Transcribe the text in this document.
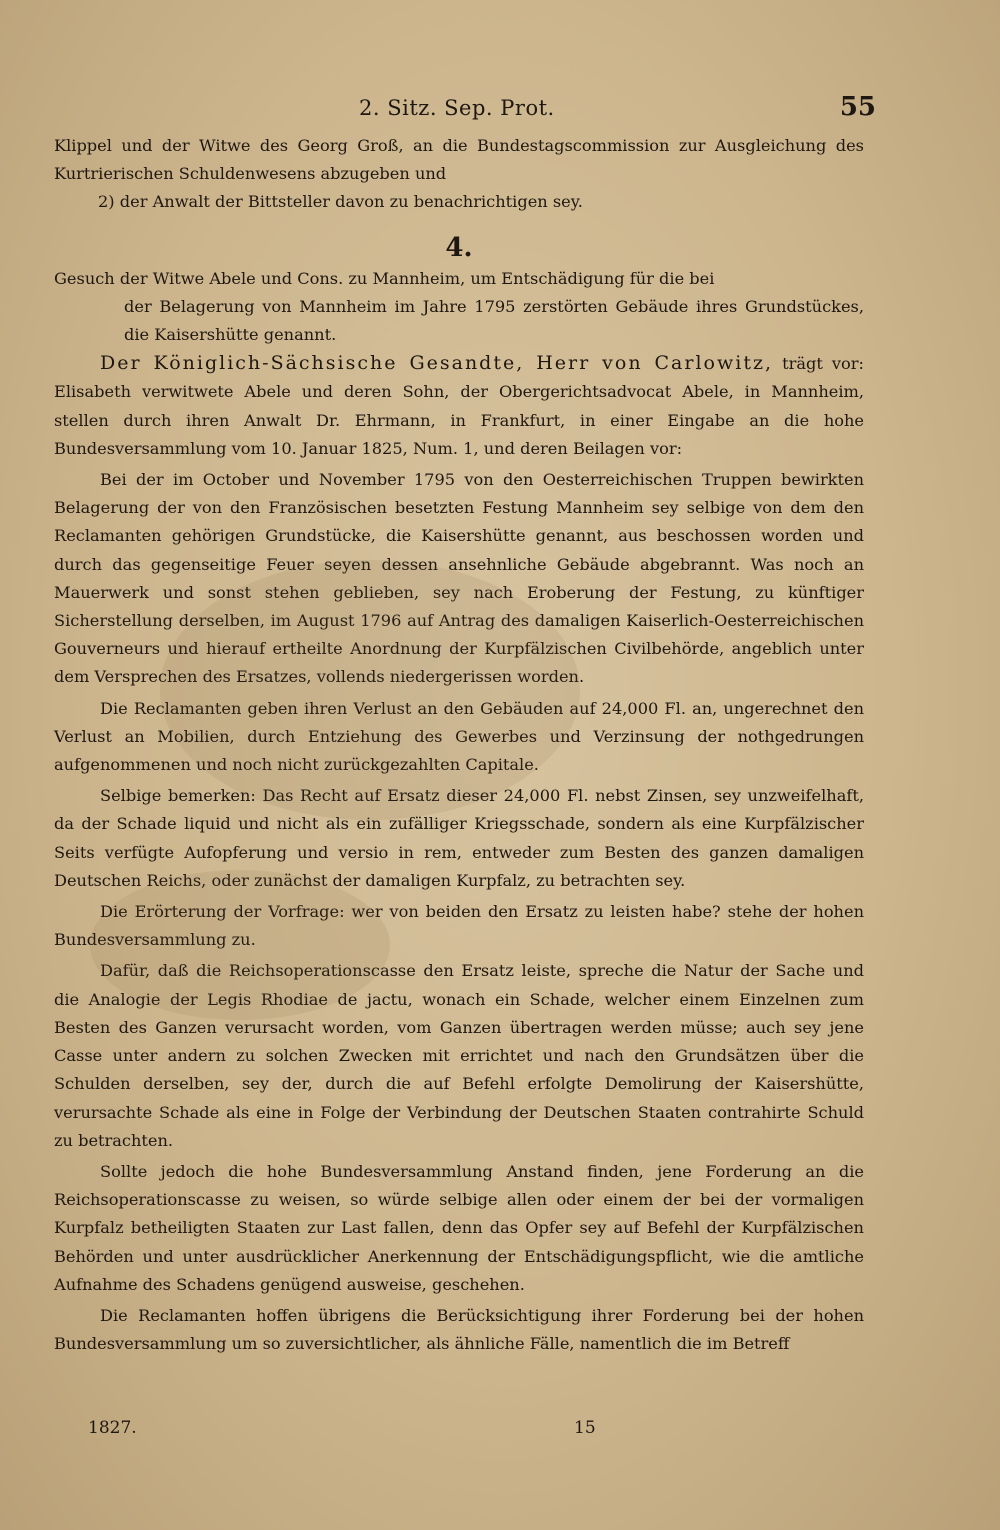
2. Sitz. Sep. Prot.	55

Klippel und der Witwe des Georg Groß, an die Bundestagscommission zur Ausgleichung des Kurtrierischen Schuldenwesens abzugeben und

2) der Anwalt der Bittsteller davon zu benachrichtigen sey.

4.

Gesuch der Witwe Abele und Cons. zu Mannheim, um Entschädigung für die bei
der Belagerung von Mannheim im Jahre 1795 zerstörten Gebäude ihres Grundstückes, die Kaisershütte genannt.

Der Königlich-Sächsische Gesandte, Herr von Carlowitz, trägt vor: Elisabeth verwitwete Abele und deren Sohn, der Obergerichtsadvocat Abele, in Mannheim, stellen durch ihren Anwalt Dr. Ehrmann, in Frankfurt, in einer Eingabe an die hohe Bundesversammlung vom 10. Januar 1825, Num. 1, und deren Beilagen vor:

Bei der im October und November 1795 von den Oesterreichischen Truppen bewirkten Belagerung der von den Französischen besetzten Festung Mannheim sey selbige von dem den Reclamanten gehörigen Grundstücke, die Kaisershütte genannt, aus beschossen worden und durch das gegenseitige Feuer seyen dessen ansehnliche Gebäude abgebrannt. Was noch an Mauerwerk und sonst stehen geblieben, sey nach Eroberung der Festung, zu künftiger Sicherstellung derselben, im August 1796 auf Antrag des damaligen Kaiserlich-Oesterreichischen Gouverneurs und hierauf ertheilte Anordnung der Kurpfälzischen Civilbehörde, angeblich unter dem Versprechen des Ersatzes, vollends niedergerissen worden.

Die Reclamanten geben ihren Verlust an den Gebäuden auf 24,000 Fl. an, ungerechnet den Verlust an Mobilien, durch Entziehung des Gewerbes und Verzinsung der nothgedrungen aufgenommenen und noch nicht zurückgezahlten Capitale.

Selbige bemerken: Das Recht auf Ersatz dieser 24,000 Fl. nebst Zinsen, sey unzweifelhaft, da der Schade liquid und nicht als ein zufälliger Kriegsschade, sondern als eine Kurpfälzischer Seits verfügte Aufopferung und versio in rem, entweder zum Besten des ganzen damaligen Deutschen Reichs, oder zunächst der damaligen Kurpfalz, zu betrachten sey.

Die Erörterung der Vorfrage: wer von beiden den Ersatz zu leisten habe? stehe der hohen Bundesversammlung zu.

Dafür, daß die Reichsoperationscasse den Ersatz leiste, spreche die Natur der Sache und die Analogie der Legis Rhodiae de jactu, wonach ein Schade, welcher einem Einzelnen zum Besten des Ganzen verursacht worden, vom Ganzen übertragen werden müsse; auch sey jene Casse unter andern zu solchen Zwecken mit errichtet und nach den Grundsätzen über die Schulden derselben, sey der, durch die auf Befehl erfolgte Demolirung der Kaisershütte, verursachte Schade als eine in Folge der Verbindung der Deutschen Staaten contrahirte Schuld zu betrachten.

Sollte jedoch die hohe Bundesversammlung Anstand finden, jene Forderung an die Reichsoperationscasse zu weisen, so würde selbige allen oder einem der bei der vormaligen Kurpfalz betheiligten Staaten zur Last fallen, denn das Opfer sey auf Befehl der Kurpfälzischen Behörden und unter ausdrücklicher Anerkennung der Entschädigungspflicht, wie die amtliche Aufnahme des Schadens genügend ausweise, geschehen.

Die Reclamanten hoffen übrigens die Berücksichtigung ihrer Forderung bei der hohen Bundesversammlung um so zuversichtlicher, als ähnliche Fälle, namentlich die im Betreff

1827.	15
